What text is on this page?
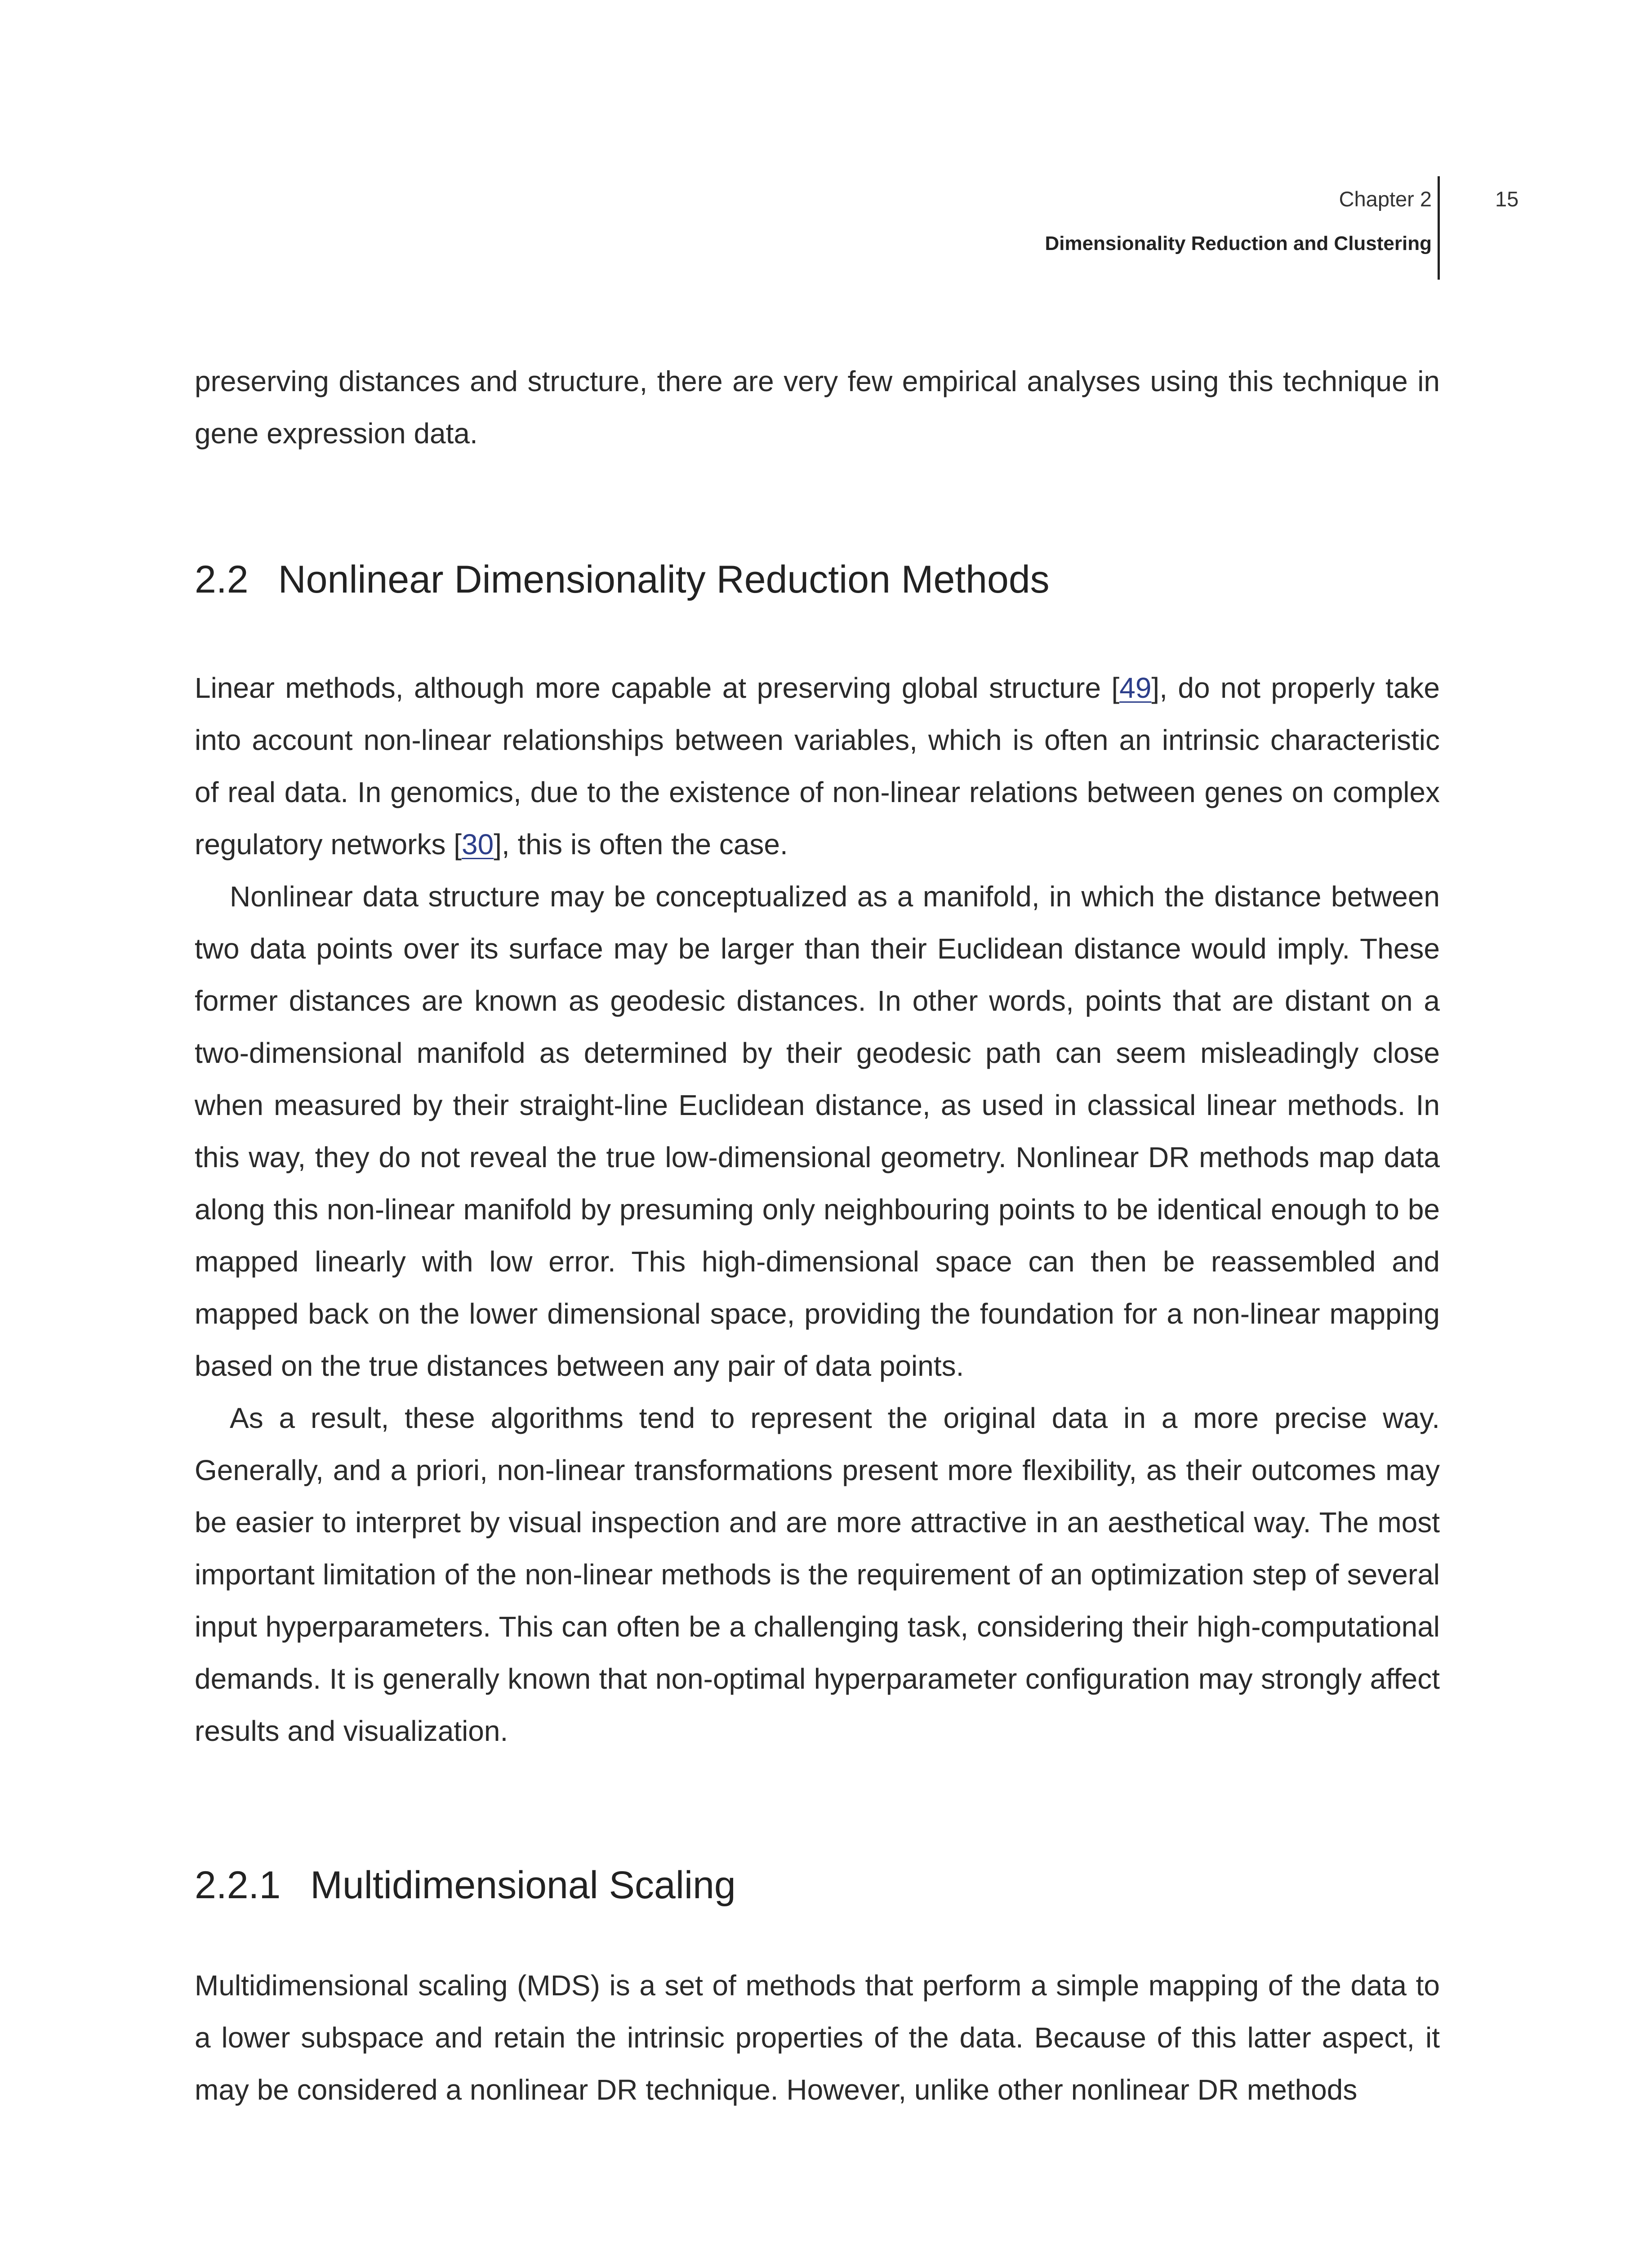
Chapter 2
Dimensionality Reduction and Clustering
15

preserving distances and structure, there are very few empirical analyses using this technique in gene expression data.

2.2 Nonlinear Dimensionality Reduction Methods

Linear methods, although more capable at preserving global structure [49], do not properly take into account non-linear relationships between variables, which is often an intrinsic characteristic of real data. In genomics, due to the existence of non-linear relations between genes on complex regulatory networks [30], this is often the case.

Nonlinear data structure may be conceptualized as a manifold, in which the distance between two data points over its surface may be larger than their Euclidean distance would imply. These former distances are known as geodesic distances. In other words, points that are distant on a two-dimensional manifold as determined by their geodesic path can seem misleadingly close when measured by their straight-line Euclidean distance, as used in classical linear methods. In this way, they do not reveal the true low-dimensional geometry. Nonlinear DR methods map data along this non-linear manifold by presuming only neighbouring points to be identical enough to be mapped linearly with low error. This high-dimensional space can then be reassembled and mapped back on the lower dimensional space, providing the foundation for a non-linear mapping based on the true distances between any pair of data points.

As a result, these algorithms tend to represent the original data in a more precise way. Generally, and a priori, non-linear transformations present more flexibility, as their outcomes may be easier to interpret by visual inspection and are more attractive in an aesthetical way. The most important limitation of the non-linear methods is the requirement of an optimization step of several input hyperparameters. This can often be a challenging task, considering their high-computational demands. It is generally known that non-optimal hyperparameter configuration may strongly affect results and visualization.

2.2.1 Multidimensional Scaling

Multidimensional scaling (MDS) is a set of methods that perform a simple mapping of the data to a lower subspace and retain the intrinsic properties of the data. Because of this latter aspect, it may be considered a nonlinear DR technique. However, unlike other nonlinear DR methods
